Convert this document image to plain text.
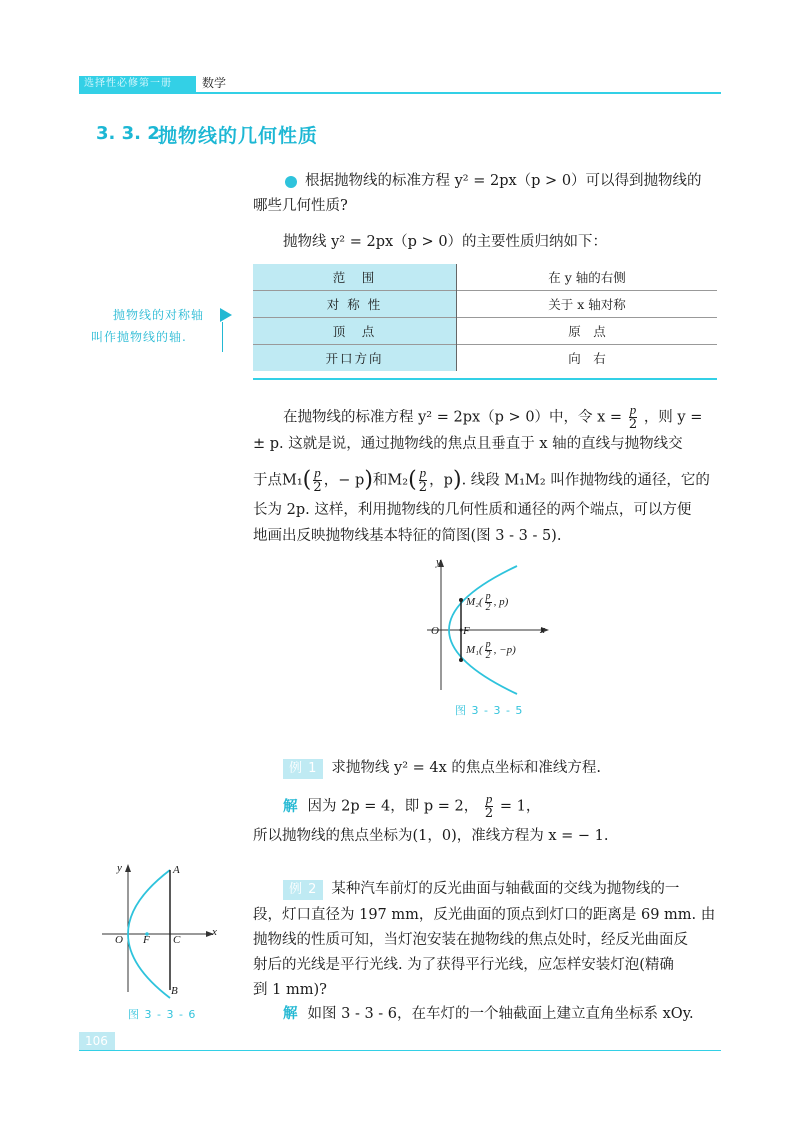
选择性必修第一册	数学
3. 3. 2
抛物线的几何性质
根据抛物线的标准方程 y² = 2px（p > 0）可以得到抛物线的
哪些几何性质?
抛物线 y² = 2px（p > 0）的主要性质归纳如下：
范　围	在 y 轴的右侧
对 称 性	关于 x 轴对称
顶　点	原　点
开口方向	向　右
抛物线的对称轴
叫作抛物线的轴.
在抛物线的标准方程 y² = 2px（p > 0）中，令 $x = \frac{p}{2}$ ，则 y =
± p. 这就是说，通过抛物线的焦点且垂直于 x 轴的直线与抛物线交
于点$M_1( \frac{p}{2}$ ，− p)和$M_2( \frac{p}{2}$ ，p). 线段 M₁M₂ 叫作抛物线的通径，它的
长为 2p. 这样，利用抛物线的几何性质和通径的两个端点，可以方便
地画出反映抛物线基本特征的简图(图 3 - 3 - 5).
y
x
O F
$M_2( \frac{p}{2}$ , p)
$M_1( \frac{p}{2}$ , −p)
图 3 - 3 - 5
例 1 求抛物线 y² = 4x 的焦点坐标和准线方程.
解 因为 2p = 4，即 p = 2， $\frac{p}{2} = 1$，
所以抛物线的焦点坐标为(1，0)，准线方程为 x = − 1.
y
x
O F C
A
B
图 3 - 3 - 6
例 2 某种汽车前灯的反光曲面与轴截面的交线为抛物线的一
段，灯口直径为 197 mm，反光曲面的顶点到灯口的距离是 69 mm. 由
抛物线的性质可知，当灯泡安装在抛物线的焦点处时，经反光曲面反
射后的光线是平行光线. 为了获得平行光线，应怎样安装灯泡(精确
到 1 mm)?
解 如图 3 - 3 - 6，在车灯的一个轴截面上建立直角坐标系 xOy.
106
